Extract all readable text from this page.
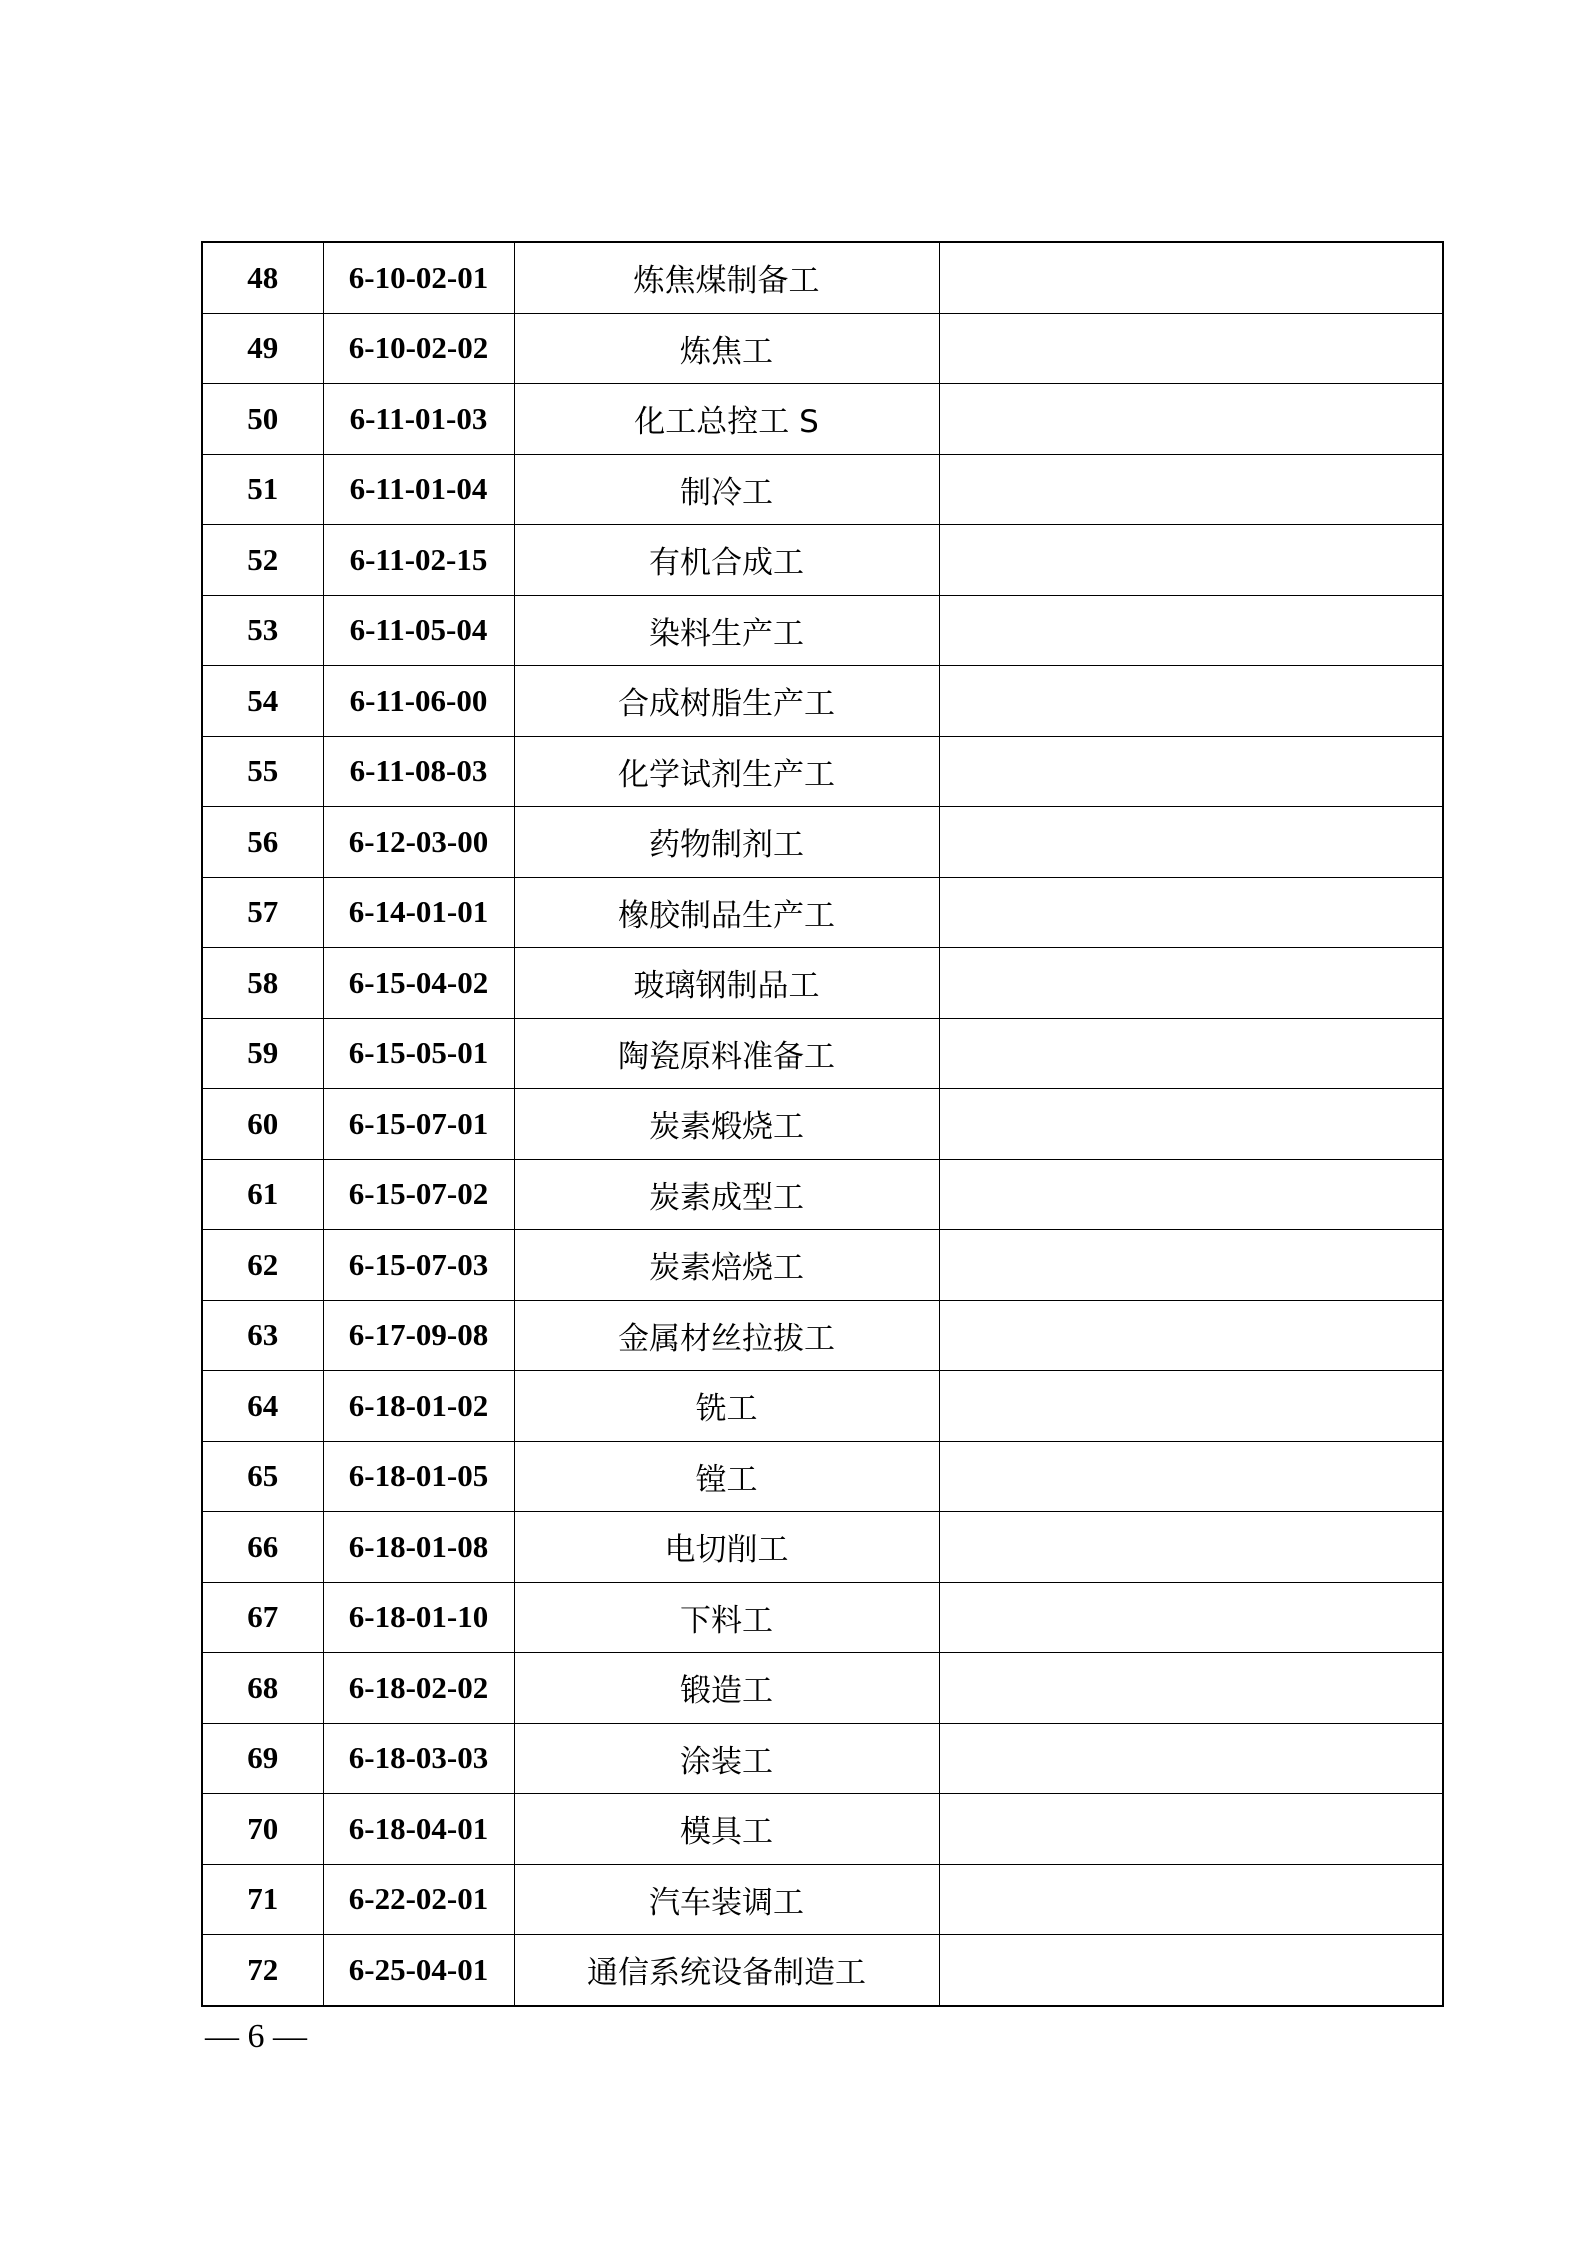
48	6-10-02-01	炼焦煤制备工	
49	6-10-02-02	炼焦工	
50	6-11-01-03	化工总控工 S	
51	6-11-01-04	制冷工	
52	6-11-02-15	有机合成工	
53	6-11-05-04	染料生产工	
54	6-11-06-00	合成树脂生产工	
55	6-11-08-03	化学试剂生产工	
56	6-12-03-00	药物制剂工	
57	6-14-01-01	橡胶制品生产工	
58	6-15-04-02	玻璃钢制品工	
59	6-15-05-01	陶瓷原料准备工	
60	6-15-07-01	炭素煅烧工	
61	6-15-07-02	炭素成型工	
62	6-15-07-03	炭素焙烧工	
63	6-17-09-08	金属材丝拉拔工	
64	6-18-01-02	铣工	
65	6-18-01-05	镗工	
66	6-18-01-08	电切削工	
67	6-18-01-10	下料工	
68	6-18-02-02	锻造工	
69	6-18-03-03	涂装工	
70	6-18-04-01	模具工	
71	6-22-02-01	汽车装调工	
72	6-25-04-01	通信系统设备制造工	
— 6 —
